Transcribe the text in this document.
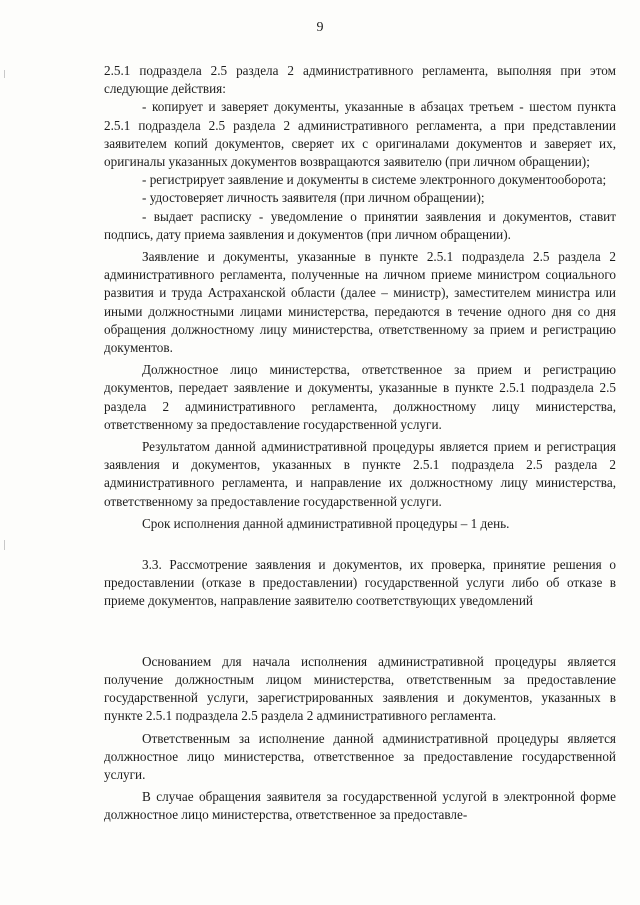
9

2.5.1 подраздела 2.5 раздела 2 административного регламента, выполняя при этом следующие действия:

- копирует и заверяет документы, указанные в абзацах третьем - шестом пункта 2.5.1 подраздела 2.5 раздела 2 административного регламента, а при представлении заявителем копий документов, сверяет их с оригиналами документов и заверяет их, оригиналы указанных документов возвращаются заявителю (при личном обращении);

- регистрирует заявление и документы в системе электронного документооборота;

- удостоверяет личность заявителя (при личном обращении);

- выдает расписку - уведомление о принятии заявления и документов, ставит подпись, дату приема заявления и документов (при личном обращении).

Заявление и документы, указанные в пункте 2.5.1 подраздела 2.5 раздела 2 административного регламента, полученные на личном приеме министром социального развития и труда Астраханской области (далее – министр), заместителем министра или иными должностными лицами министерства, передаются в течение одного дня со дня обращения должностному лицу министерства, ответственному за прием и регистрацию документов.

Должностное лицо министерства, ответственное за прием и регистрацию документов, передает заявление и документы, указанные в пункте 2.5.1 подраздела 2.5 раздела 2 административного регламента, должностному лицу министерства, ответственному за предоставление государственной услуги.

Результатом данной административной процедуры является прием и регистрация заявления и документов, указанных в пункте 2.5.1 подраздела 2.5 раздела 2 административного регламента, и направление их должностному лицу министерства, ответственному за предоставление государственной услуги.

Срок исполнения данной административной процедуры – 1 день.

3.3. Рассмотрение заявления и документов, их проверка, принятие решения о предоставлении (отказе в предоставлении) государственной услуги либо об отказе в приеме документов, направление заявителю соответствующих уведомлений

Основанием для начала исполнения административной процедуры является получение должностным лицом министерства, ответственным за предоставление государственной услуги, зарегистрированных заявления и документов, указанных в пункте 2.5.1 подраздела 2.5 раздела 2 административного регламента.

Ответственным за исполнение данной административной процедуры является должностное лицо министерства, ответственное за предоставление государственной услуги.

В случае обращения заявителя за государственной услугой в электронной форме должностное лицо министерства, ответственное за предоставле-
